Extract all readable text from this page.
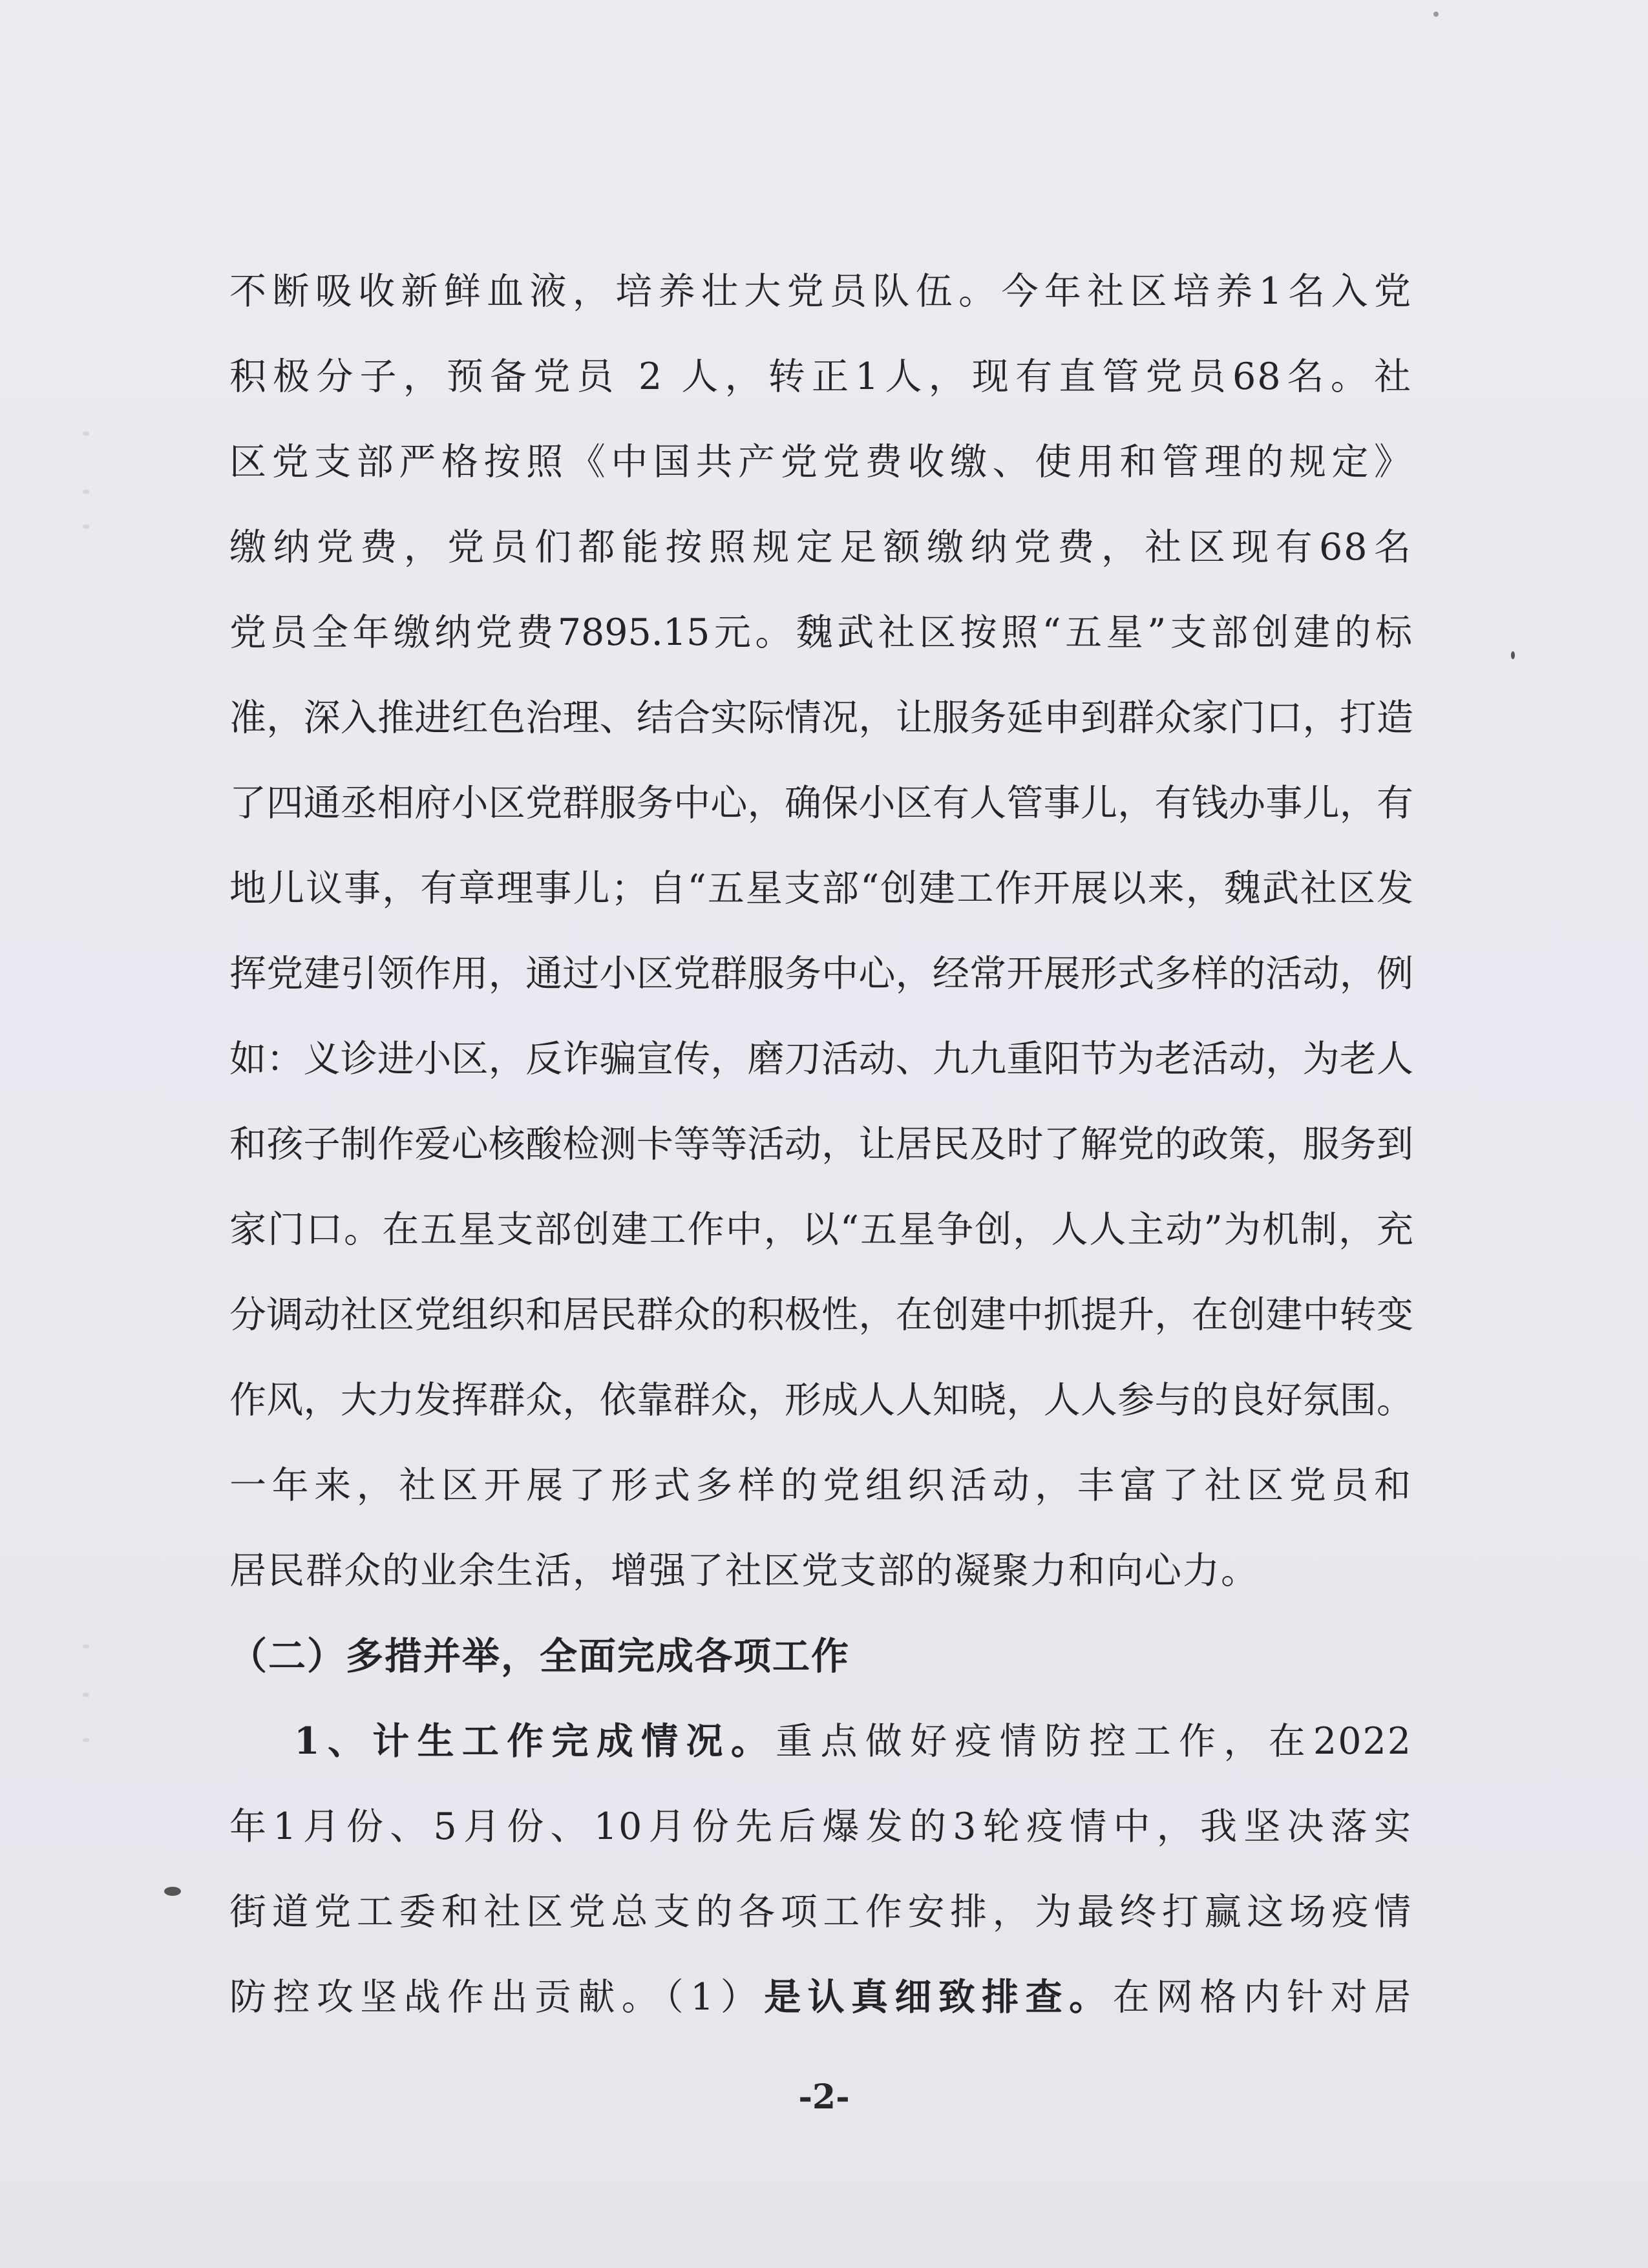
不断吸收新鲜血液，培养壮大党员队伍。今年社区培养1名入党
积极分子，预备党员 2 人，转正1人，现有直管党员68名。社
区党支部严格按照《中国共产党党费收缴、使用和管理的规定》
缴纳党费，党员们都能按照规定足额缴纳党费，社区现有68名
党员全年缴纳党费7895.15元。魏武社区按照“五星”支部创建的标
准，深入推进红色治理、结合实际情况，让服务延申到群众家门口，打造
了四通丞相府小区党群服务中心，确保小区有人管事儿，有钱办事儿，有
地儿议事，有章理事儿；自“五星支部“创建工作开展以来，魏武社区发
挥党建引领作用，通过小区党群服务中心，经常开展形式多样的活动，例
如：义诊进小区，反诈骗宣传，磨刀活动、九九重阳节为老活动，为老人
和孩子制作爱心核酸检测卡等等活动，让居民及时了解党的政策，服务到
家门口。在五星支部创建工作中，以“五星争创，人人主动”为机制，充
分调动社区党组织和居民群众的积极性，在创建中抓提升，在创建中转变
作风，大力发挥群众，依靠群众，形成人人知晓，人人参与的良好氛围。
一年来，社区开展了形式多样的党组织活动，丰富了社区党员和
居民群众的业余生活，增强了社区党支部的凝聚力和向心力。
（二）多措并举，全面完成各项工作
1、计生工作完成情况。重点做好疫情防控工作，在2022
年1月份、5月份、10月份先后爆发的3轮疫情中，我坚决落实
街道党工委和社区党总支的各项工作安排，为最终打赢这场疫情
防控攻坚战作出贡献。（1）是认真细致排查。在网格内针对居
-2-
